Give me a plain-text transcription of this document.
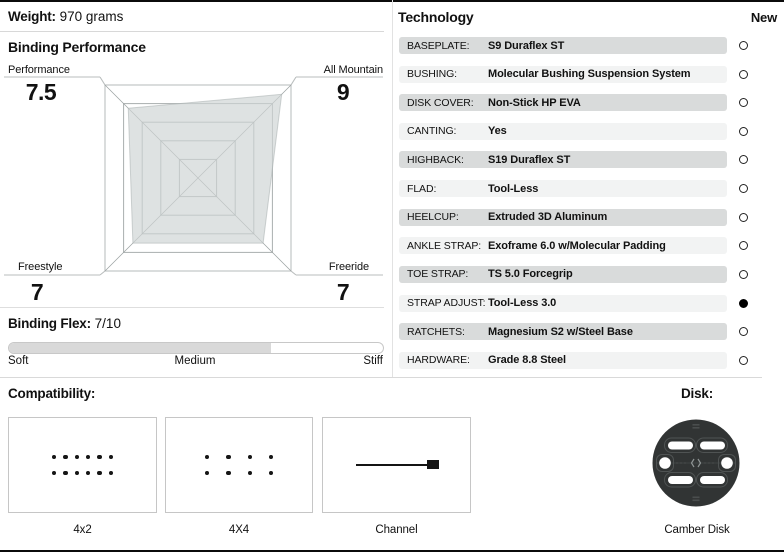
Weight: 970 grams
Binding Performance
Performance
7.5
All Mountain
9
Freestyle
7
Freeride
7
Binding Flex: 7/10
Soft	Medium	Stiff
Technology	New
BASEPLATE:	S9 Duraflex ST
BUSHING:	Molecular Bushing Suspension System
DISK COVER:	Non-Stick HP EVA
CANTING:	Yes
HIGHBACK:	S19 Duraflex ST
FLAD:	Tool-Less
HEELCUP:	Extruded 3D Aluminum
ANKLE STRAP: Exoframe 6.0 w/Molecular Padding
TOE STRAP:	TS 5.0 Forcegrip
STRAP ADJUST: Tool-Less 3.0
RATCHETS:	Magnesium S2 w/Steel Base
HARDWARE:	Grade 8.8 Steel
Compatibility:
4x2	4X4	Channel
Disk:
Camber Disk
